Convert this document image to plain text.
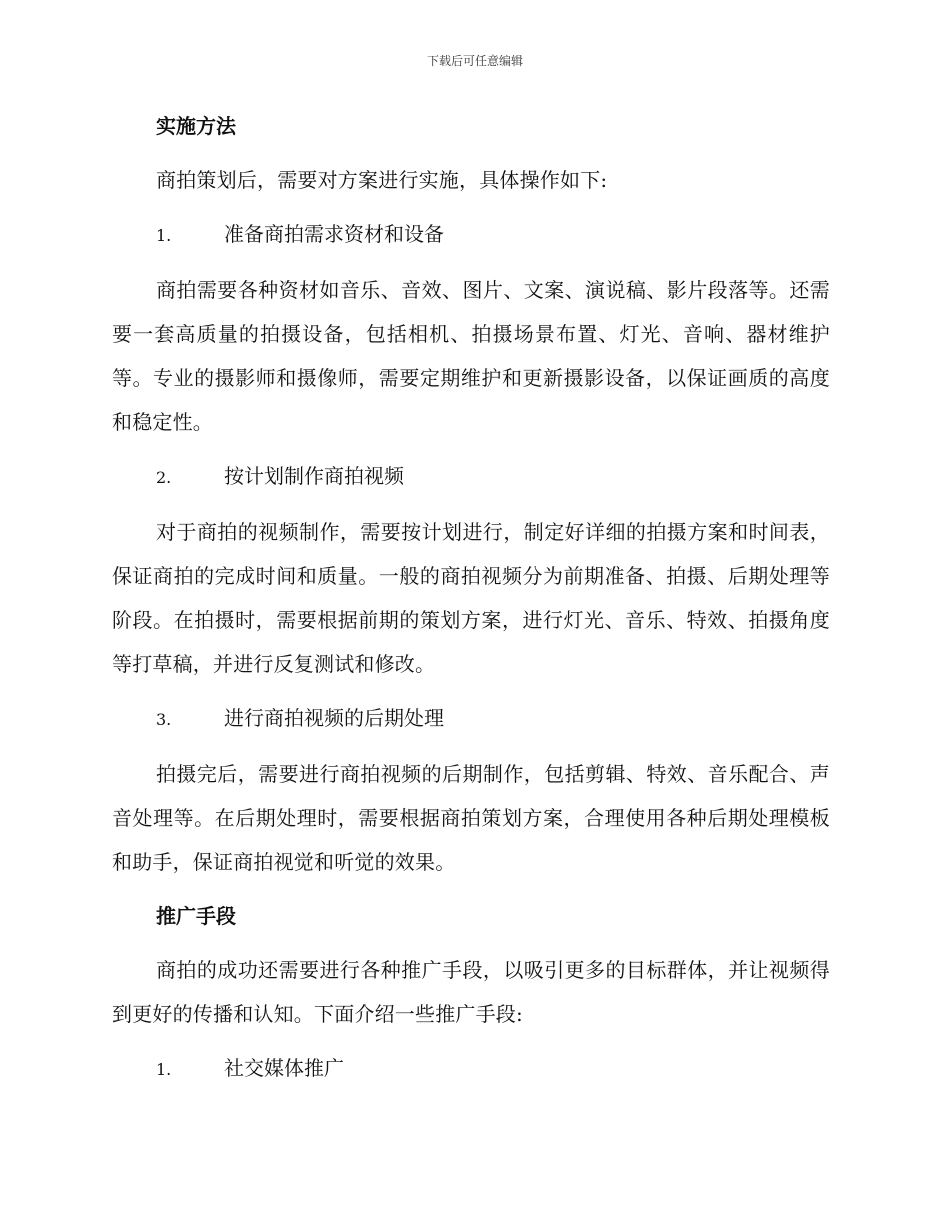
下载后可任意编辑
实施方法

商拍策划后，需要对方案进行实施，具体操作如下:

1.	准备商拍需求资材和设备

商拍需要各种资材如音乐、音效、图片、文案、演说稿、影片段落等。还需要一套高质量的拍摄设备，包括相机、拍摄场景布置、灯光、音响、器材维护等。专业的摄影师和摄像师，需要定期维护和更新摄影设备，以保证画质的高度和稳定性。

2.	按计划制作商拍视频

对于商拍的视频制作，需要按计划进行，制定好详细的拍摄方案和时间表，保证商拍的完成时间和质量。一般的商拍视频分为前期准备、拍摄、后期处理等阶段。在拍摄时，需要根据前期的策划方案，进行灯光、音乐、特效、拍摄角度等打草稿，并进行反复测试和修改。

3.	进行商拍视频的后期处理

拍摄完后，需要进行商拍视频的后期制作，包括剪辑、特效、音乐配合、声音处理等。在后期处理时，需要根据商拍策划方案，合理使用各种后期处理模板和助手，保证商拍视觉和听觉的效果。

推广手段

商拍的成功还需要进行各种推广手段，以吸引更多的目标群体，并让视频得到更好的传播和认知。下面介绍一些推广手段:

1.	社交媒体推广
